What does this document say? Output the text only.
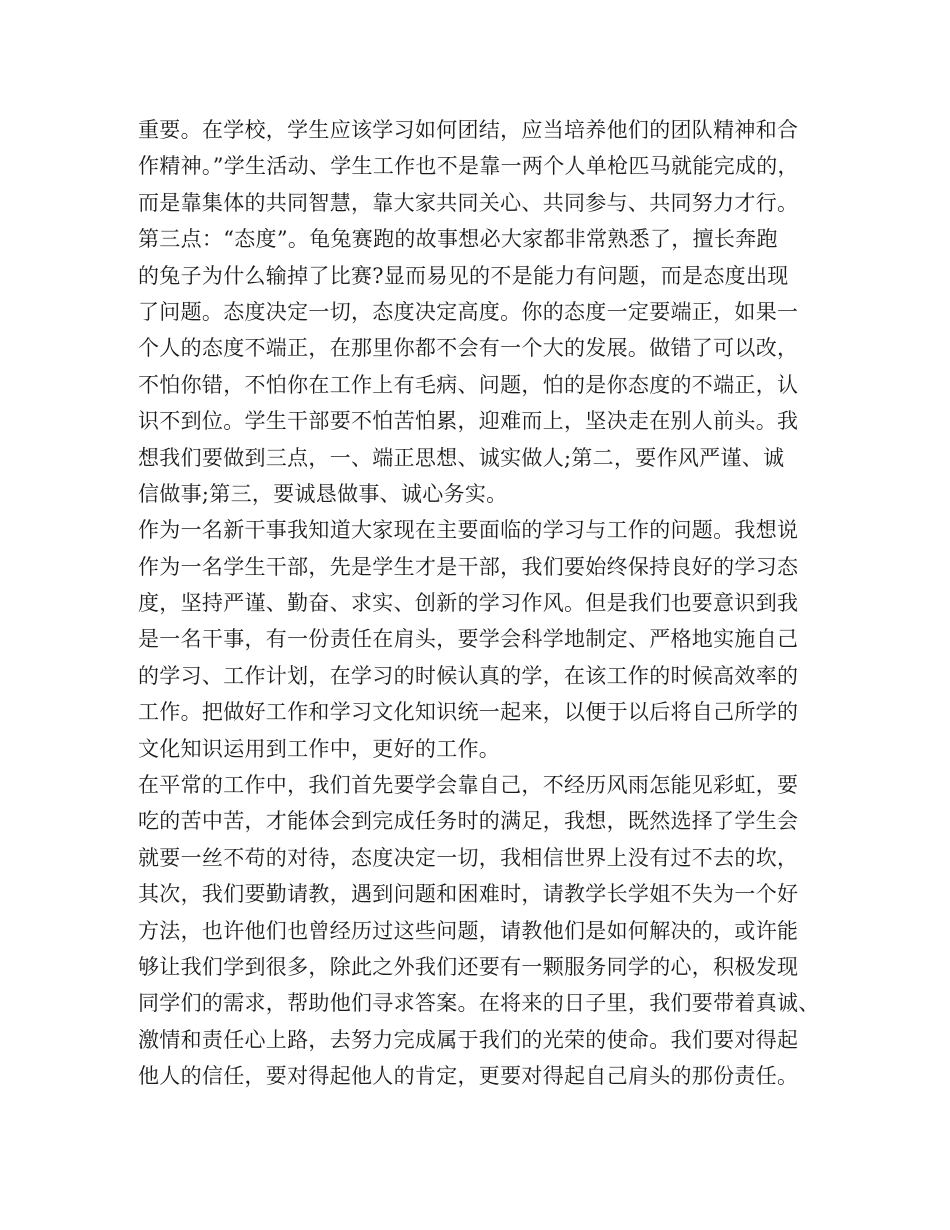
重要。在学校，学生应该学习如何团结，应当培养他们的团队精神和合
作精神。”学生活动、学生工作也不是靠一两个人单枪匹马就能完成的，
而是靠集体的共同智慧，靠大家共同关心、共同参与、共同努力才行。
第三点：“态度”。龟兔赛跑的故事想必大家都非常熟悉了，擅长奔跑
的兔子为什么输掉了比赛?显而易见的不是能力有问题，而是态度出现
了问题。态度决定一切，态度决定高度。你的态度一定要端正，如果一
个人的态度不端正，在那里你都不会有一个大的发展。做错了可以改，
不怕你错，不怕你在工作上有毛病、问题，怕的是你态度的不端正，认
识不到位。学生干部要不怕苦怕累，迎难而上，坚决走在别人前头。我
想我们要做到三点，一、端正思想、诚实做人;第二，要作风严谨、诚
信做事;第三，要诚恳做事、诚心务实。
作为一名新干事我知道大家现在主要面临的学习与工作的问题。我想说
作为一名学生干部，先是学生才是干部，我们要始终保持良好的学习态
度，坚持严谨、勤奋、求实、创新的学习作风。但是我们也要意识到我
是一名干事，有一份责任在肩头，要学会科学地制定、严格地实施自己
的学习、工作计划，在学习的时候认真的学，在该工作的时候高效率的
工作。把做好工作和学习文化知识统一起来，以便于以后将自己所学的
文化知识运用到工作中，更好的工作。
在平常的工作中，我们首先要学会靠自己，不经历风雨怎能见彩虹，要
吃的苦中苦，才能体会到完成任务时的满足，我想，既然选择了学生会
就要一丝不苟的对待，态度决定一切，我相信世界上没有过不去的坎，
其次，我们要勤请教，遇到问题和困难时，请教学长学姐不失为一个好
方法，也许他们也曾经历过这些问题，请教他们是如何解决的，或许能
够让我们学到很多，除此之外我们还要有一颗服务同学的心，积极发现
同学们的需求，帮助他们寻求答案。在将来的日子里，我们要带着真诚、
激情和责任心上路，去努力完成属于我们的光荣的使命。我们要对得起
他人的信任，要对得起他人的肯定，更要对得起自己肩头的那份责任。
